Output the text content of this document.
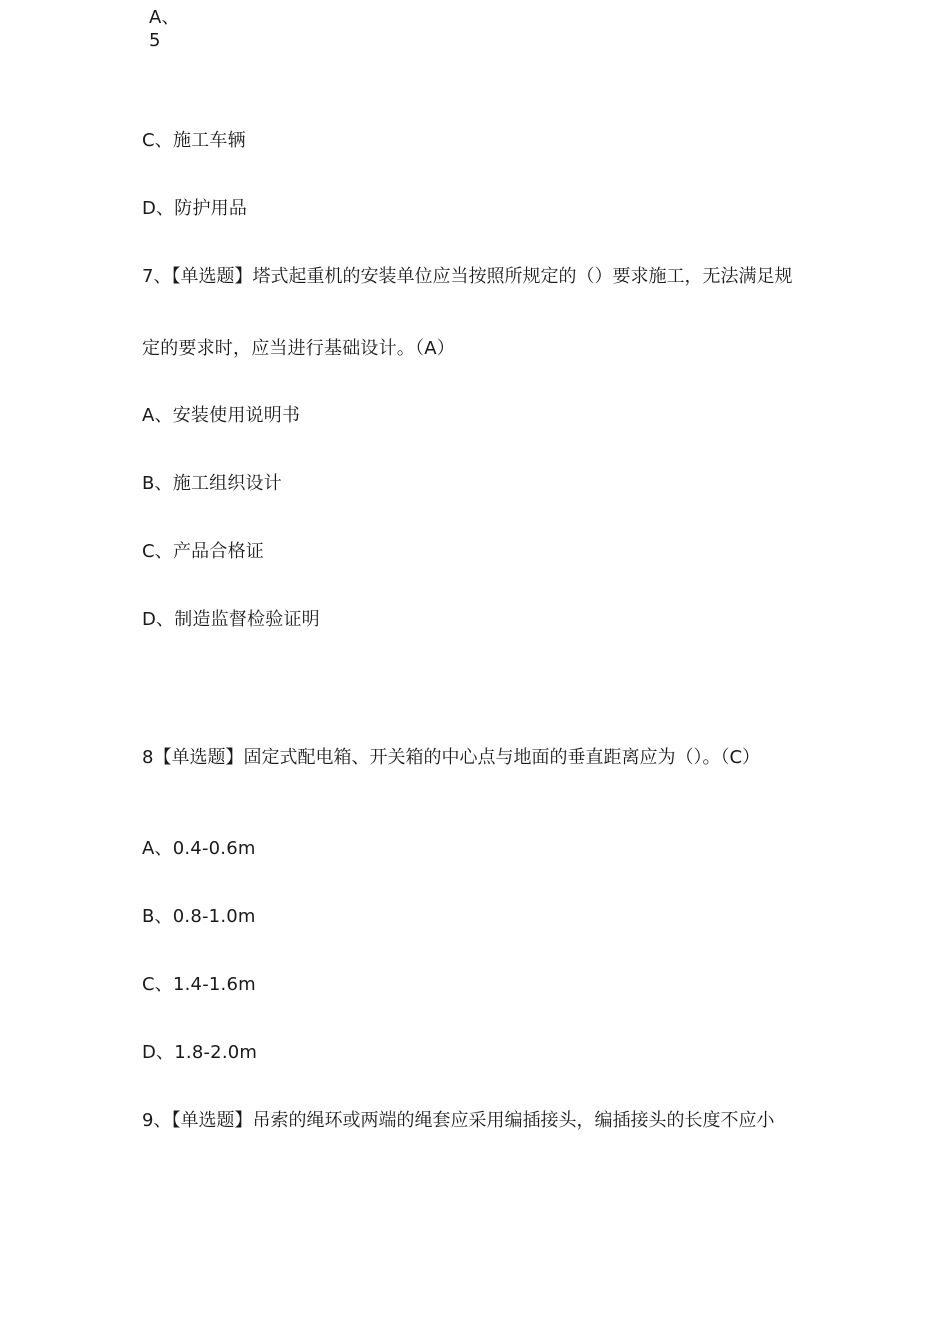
A、
5
C、施工车辆
D、防护用品
7、【单选题】塔式起重机的安装单位应当按照所规定的（）要求施工，无法满足规
定的要求时，应当进行基础设计。（A）
A、安装使用说明书
B、施工组织设计
C、产品合格证
D、制造监督检验证明
8【单选题】固定式配电箱、开关箱的中心点与地面的垂直距离应为（）。（C）
A、0.4-0.6m
B、0.8-1.0m
C、1.4-1.6m
D、1.8-2.0m
9、【单选题】吊索的绳环或两端的绳套应采用编插接头，编插接头的长度不应小
